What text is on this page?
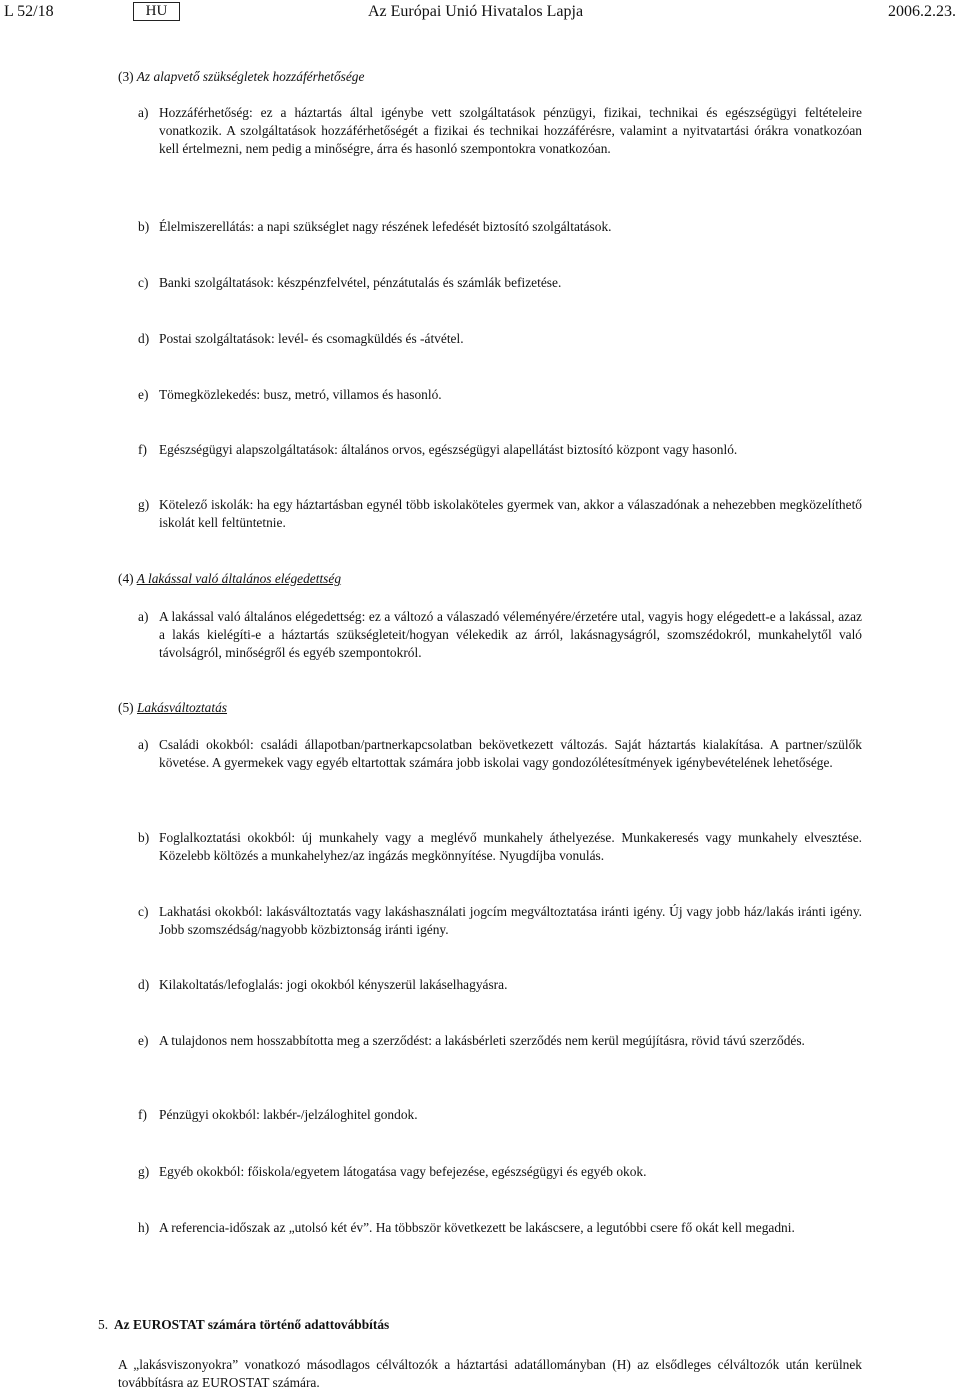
L 52/18	HU	Az Európai Unió Hivatalos Lapja	2006.2.23.
(3) Az alapvető szükségletek hozzáférhetősége
a) Hozzáférhetőség: ez a háztartás által igénybe vett szolgáltatások pénzügyi, fizikai, technikai és egészségügyi feltételeire vonatkozik. A szolgáltatások hozzáférhetőségét a fizikai és technikai hozzáférésre, valamint a nyitvatartási órákra vonatkozóan kell értelmezni, nem pedig a minőségre, árra és hasonló szempontokra vonatkozóan.
b) Élelmiszerellátás: a napi szükséglet nagy részének lefedését biztosító szolgáltatások.
c) Banki szolgáltatások: készpénzfelvétel, pénzátutalás és számlák befizetése.
d) Postai szolgáltatások: levél- és csomagküldés és -átvétel.
e) Tömegközlekedés: busz, metró, villamos és hasonló.
f) Egészségügyi alapszolgáltatások: általános orvos, egészségügyi alapellátást biztosító központ vagy hasonló.
g) Kötelező iskolák: ha egy háztartásban egynél több iskolaköteles gyermek van, akkor a válaszadónak a nehezebben megközelíthető iskolát kell feltüntetnie.
(4) A lakással való általános elégedettség
a) A lakással való általános elégedettség: ez a változó a válaszadó véleményére/érzetére utal, vagyis hogy elégedett-e a lakással, azaz a lakás kielégíti-e a háztartás szükségleteit/hogyan vélekedik az árról, lakásnagyságról, szomszédokról, munkahelytől való távolságról, minőségről és egyéb szempontokról.
(5) Lakásváltoztatás
a) Családi okokból: családi állapotban/partnerkapcsolatban bekövetkezett változás. Saját háztartás kialakítása. A partner/szülők követése. A gyermekek vagy egyéb eltartottak számára jobb iskolai vagy gondozólétesítmények igénybevételének lehetősége.
b) Foglalkoztatási okokból: új munkahely vagy a meglévő munkahely áthelyezése. Munkakeresés vagy munkahely elvesztése. Közelebb költözés a munkahelyhez/az ingázás megkönnyítése. Nyugdíjba vonulás.
c) Lakhatási okokból: lakásváltoztatás vagy lakáshasználati jogcím megváltoztatása iránti igény. Új vagy jobb ház/lakás iránti igény. Jobb szomszédság/nagyobb közbiztonság iránti igény.
d) Kilakoltatás/lefoglalás: jogi okokból kényszerül lakáselhagyásra.
e) A tulajdonos nem hosszabbította meg a szerződést: a lakásbérleti szerződés nem kerül megújításra, rövid távú szerződés.
f) Pénzügyi okokból: lakbér-/jelzáloghitel gondok.
g) Egyéb okokból: főiskola/egyetem látogatása vagy befejezése, egészségügyi és egyéb okok.
h) A referencia-időszak az „utolsó két év”. Ha többször következett be lakáscsere, a legutóbbi csere fő okát kell megadni.
5. Az EUROSTAT számára történő adattovábbítás
A „lakásviszonyokra” vonatkozó másodlagos célváltozók a háztartási adatállományban (H) az elsődleges célváltozók után kerülnek továbbításra az EUROSTAT számára.
